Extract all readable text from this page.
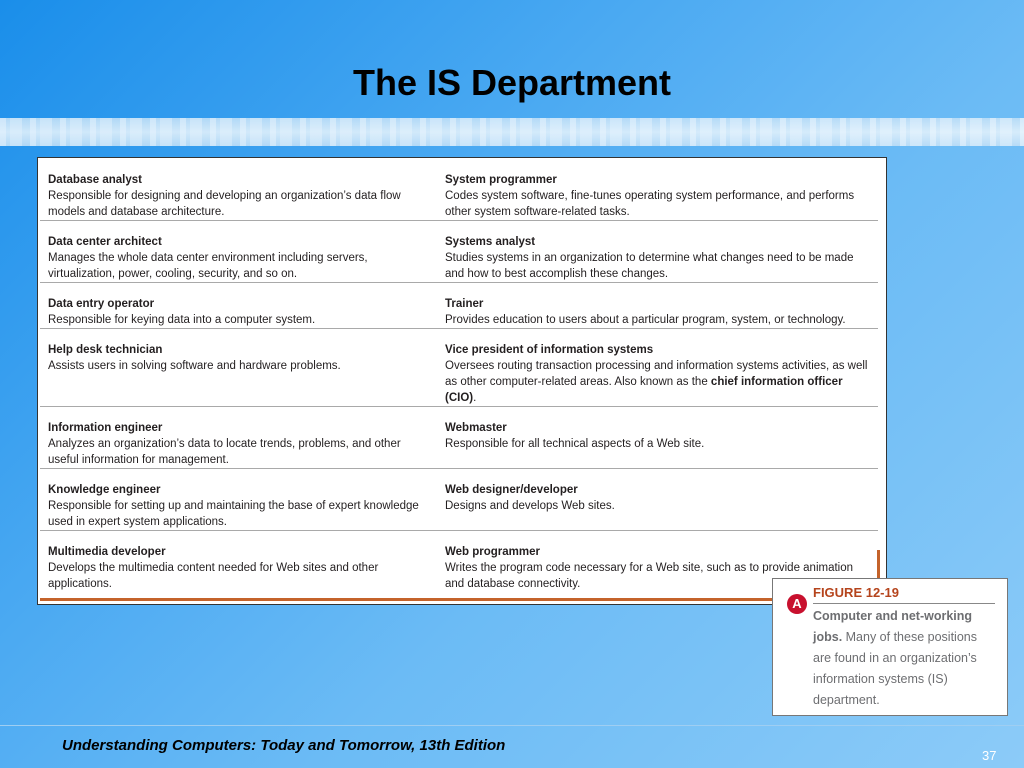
The IS Department
Database analyst
Responsible for designing and developing an organization’s data flow models and database architecture.
System programmer
Codes system software, fine-tunes operating system performance, and performs other system software-related tasks.
Data center architect
Manages the whole data center environment including servers, virtualization, power, cooling, security, and so on.
Systems analyst
Studies systems in an organization to determine what changes need to be made and how to best accomplish these changes.
Data entry operator
Responsible for keying data into a computer system.
Trainer
Provides education to users about a particular program, system, or technology.
Help desk technician
Assists users in solving software and hardware problems.
Vice president of information systems
Oversees routing transaction processing and information systems activities, as well as other computer-related areas. Also known as the chief information officer (CIO).
Information engineer
Analyzes an organization’s data to locate trends, problems, and other useful information for management.
Webmaster
Responsible for all technical aspects of a Web site.
Knowledge engineer
Responsible for setting up and maintaining the base of expert knowledge used in expert system applications.
Web designer/developer
Designs and develops Web sites.
Multimedia developer
Develops the multimedia content needed for Web sites and other applications.
Web programmer
Writes the program code necessary for a Web site, such as to provide animation and database connectivity.
A
FIGURE 12-19
Computer and net-working jobs. Many of these positions are found in an organization’s information systems (IS) department.
Understanding Computers: Today and Tomorrow, 13th Edition
37
